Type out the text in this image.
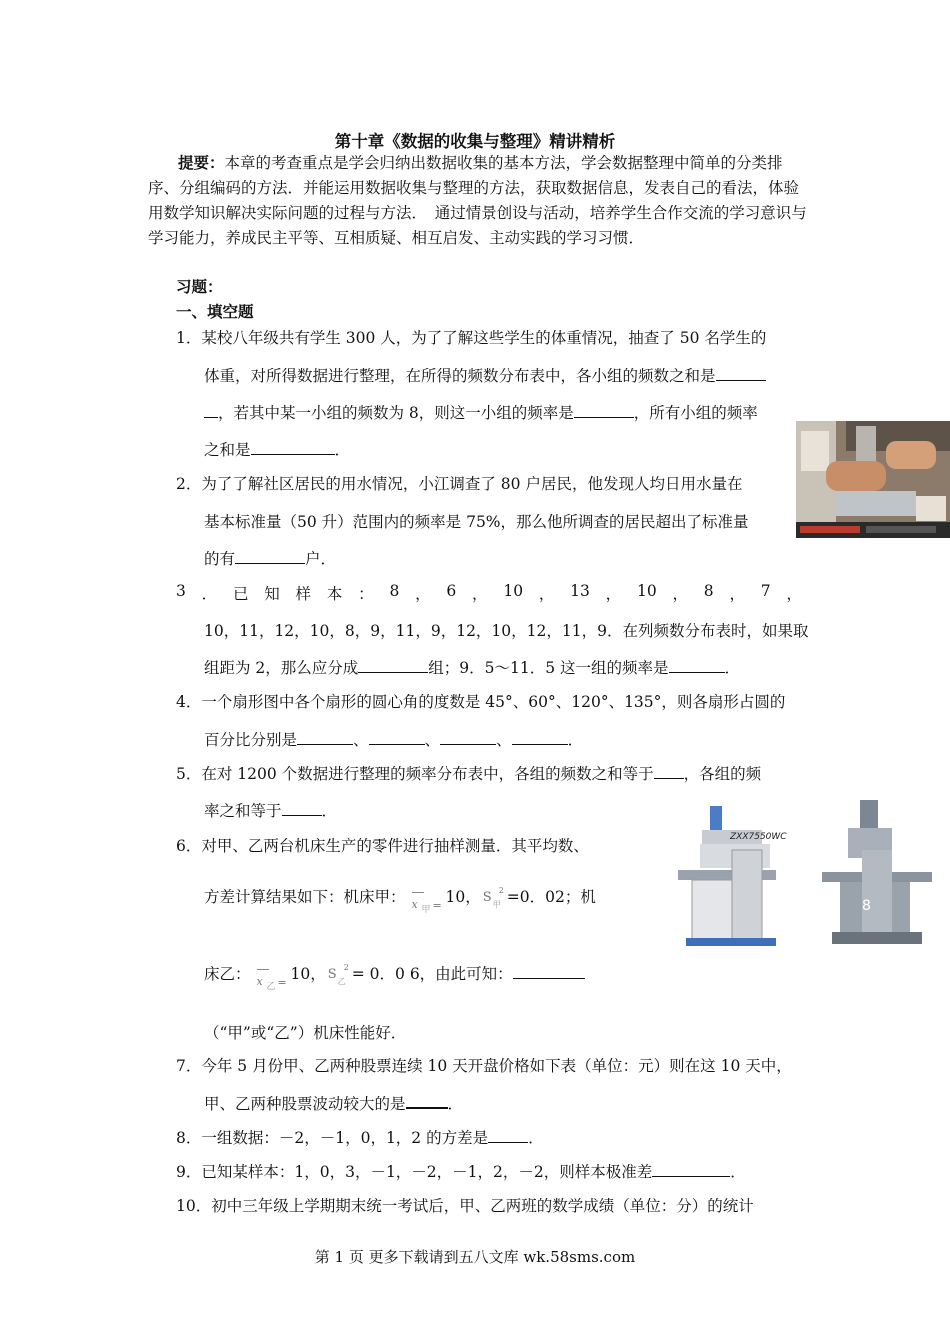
第十章《数据的收集与整理》精讲精析
提要：本章的考查重点是学会归纳出数据收集的基本方法，学会数据整理中简单的分类排序、分组编码的方法．并能运用数据收集与整理的方法，获取数据信息，发表自己的看法，体验用数学知识解决实际问题的过程与方法．　通过情景创设与活动，培养学生合作交流的学习意识与学习能力，养成民主平等、互相质疑、相互启发、主动实践的学习习惯．
习题：
一、填空题
1．某校八年级共有学生 300 人，为了了解这些学生的体重情况，抽查了 50 名学生的
体重，对所得数据进行整理，在所得的频数分布表中，各小组的频数之和是
，若其中某一小组的频数为 8，则这一小组的频率是	，所有小组的频率
之和是	．
2．为了了解社区居民的用水情况，小江调查了 80 户居民，他发现人均日用水量在
基本标准量（50 升）范围内的频率是 75%，那么他所调查的居民超出了标准量
的有	户．
3 ． 已 知 样 本 ： 8 ， 6 ， 10 ， 13 ， 10 ， 8 ， 7 ，
10，11，12，10，8，9，11，9，12，10，12，11，9．在列频数分布表时，如果取
组距为 2，那么应分成	组；9．5～11．5 这一组的频率是	．
4．一个扇形图中各个扇形的圆心角的度数是 45°、60°、120°、135°，则各扇形占圆的
百分比分别是	、	、	、	．
5．在对 1200 个数据进行整理的频率分布表中，各组的频数之和等于 ，各组的频
率之和等于	．
ZXX7550WC
8
6．对甲、乙两台机床生产的零件进行抽样测量．其平均数、
方差计算结果如下：机床甲： x 甲 = 10， S 甲
2 =0．02；机
床乙： x 乙 = 10， S 乙
2 = 0．0 6，由此可知：
（“甲”或“乙”）机床性能好．
7．今年 5 月份甲、乙两种股票连续 10 天开盘价格如下表（单位：元）则在这 10 天中，
甲、乙两种股票波动较大的是	．
8．一组数据：－2，－1，0，1，2 的方差是	．
9．已知某样本：1，0，3，－1，－2，－1，2，－2，则样本极准差	．
10．初中三年级上学期期末统一考试后，甲、乙两班的数学成绩（单位：分）的统计
第 1 页 更多下载请到五八文库 wk.58sms.com
